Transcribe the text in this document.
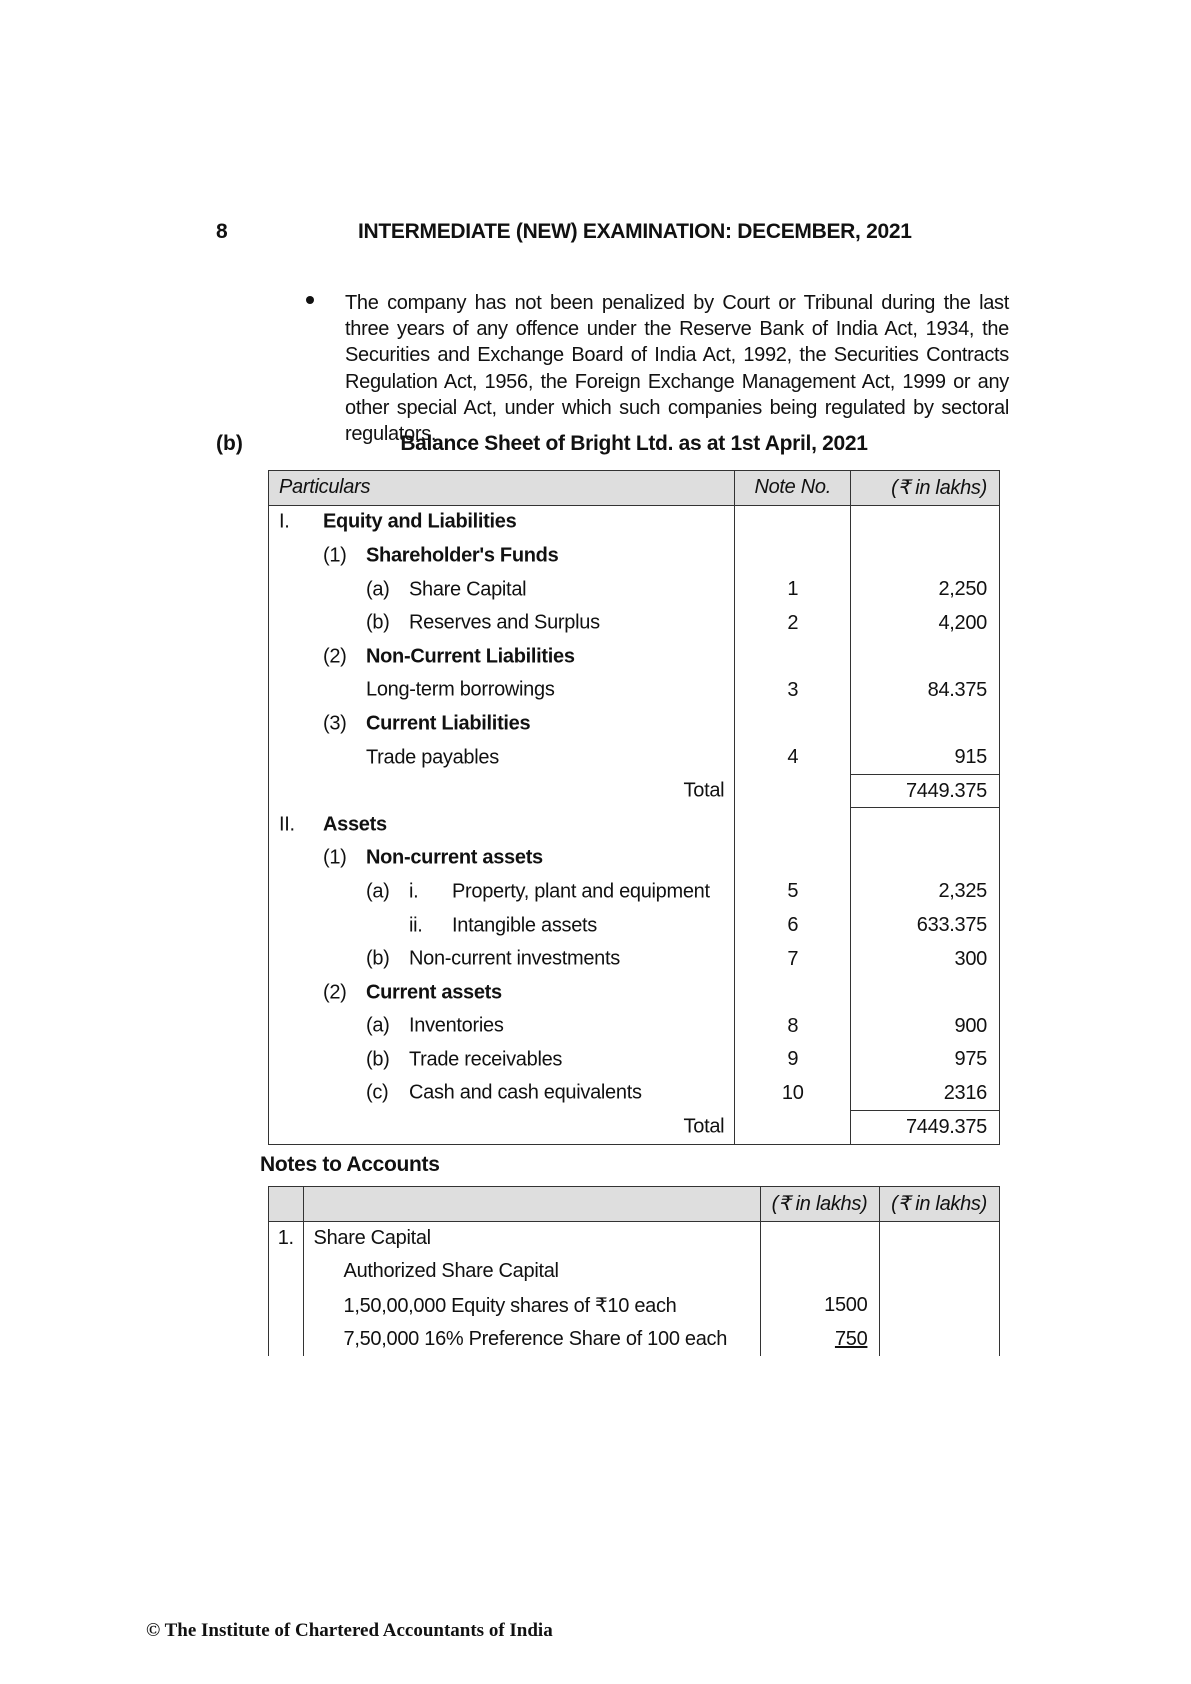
8	INTERMEDIATE (NEW) EXAMINATION: DECEMBER, 2021
The company has not been penalized by Court or Tribunal during the last three years of any offence under the Reserve Bank of India Act, 1934, the Securities and Exchange Board of India Act, 1992, the Securities Contracts Regulation Act, 1956, the Foreign Exchange Management Act, 1999 or any other special Act, under which such companies being regulated by sectoral regulators.
(b)	Balance Sheet of Bright Ltd. as at 1st April, 2021
Particulars	Note No.	(₹ in lakhs)

I. Equity and Liabilities		

(1) Shareholder's Funds		

(a) Share Capital	1	2,250

(b) Reserves and Surplus	2	4,200

(2) Non-Current Liabilities		

Long-term borrowings	3	84.375

(3) Current Liabilities		

Trade payables	4	915

Total		7449.375

II. Assets		

(1) Non-current assets		

(a) i. Property, plant and equipment	5	2,325

ii. Intangible assets	6	633.375

(b) Non-current investments	7	300

(2) Current assets		

(a) Inventories	8	900

(b) Trade receivables	9	975

(c) Cash and cash equivalents	10	2316

Total		7449.375
Notes to Accounts
		(₹ in lakhs)	(₹ in lakhs)
1.	Share Capital		
	Authorized Share Capital		
	1,50,00,000 Equity shares of ₹10 each	1500	
	7,50,000 16% Preference Share of 100 each	750	
© The Institute of Chartered Accountants of India
